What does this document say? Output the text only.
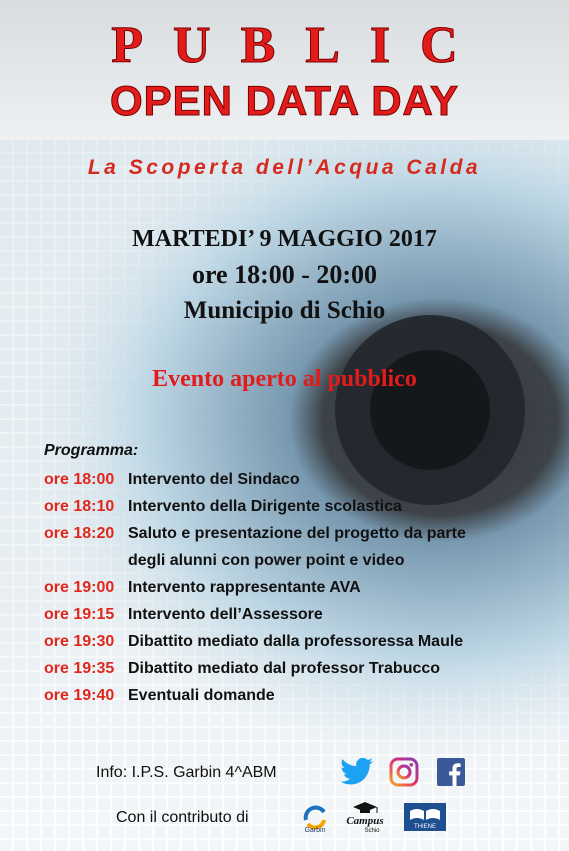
PUBLIC
OPEN DATA DAY
La Scoperta dell’Acqua Calda
MARTEDI’ 9 MAGGIO 2017
ore 18:00 - 20:00
Municipio di Schio
Evento aperto al pubblico
Programma:
ore 18:00 Intervento del Sindaco
ore 18:10 Intervento della Dirigente scolastica
ore 18:20 Saluto e presentazione del progetto da parte
degli alunni con power point e video
ore 19:00 Intervento rappresentante AVA
ore 19:15 Intervento dell’Assessore
ore 19:30 Dibattito mediato dalla professoressa Maule
ore 19:35 Dibattito mediato dal professor Trabucco
ore 19:40 Eventuali domande
Info: I.P.S. Garbin 4^ABM
Con il contributo di
Garbin
Campus
Schio
THIENE
